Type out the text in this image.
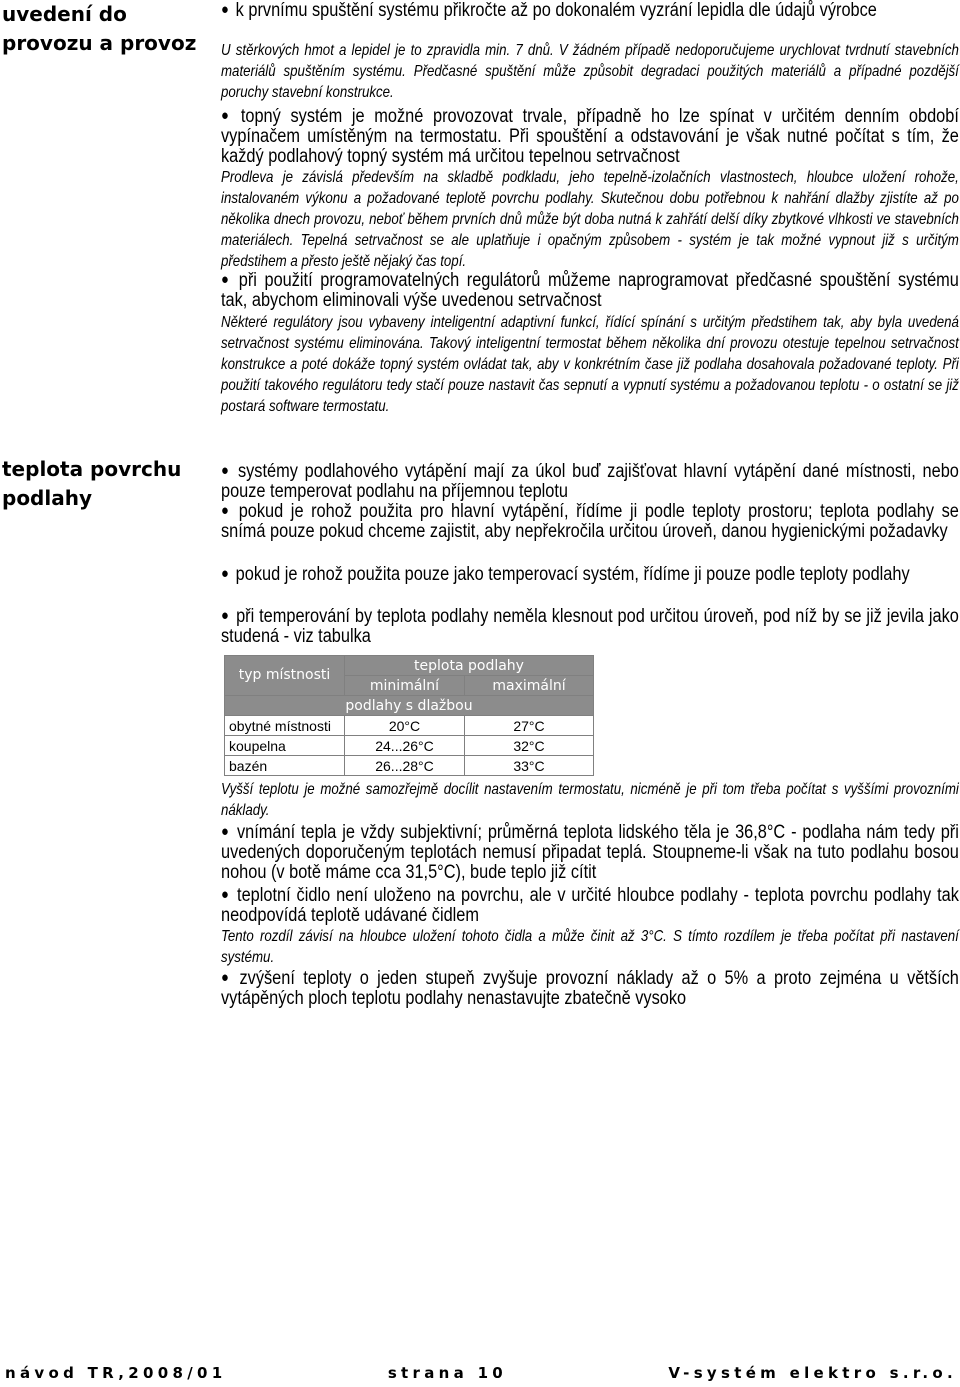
uvedení do provozu a provoz

● k prvnímu spuštění systému přikročte až po dokonalém vyzrání lepidla dle údajů výrobce

U stěrkových hmot a lepidel je to zpravidla min. 7 dnů. V žádném případě nedoporučujeme urychlovat tvrdnutí stavebních materiálů spuštěním systému. Předčasné spuštění může způsobit degradaci použitých materiálů a případné pozdější poruchy stavební konstrukce.

● topný systém je možné provozovat trvale, případně ho lze spínat v určitém denním období vypínačem umístěným na termostatu. Při spouštění a odstavování je však nutné počítat s tím, že každý podlahový topný systém má určitou tepelnou setrvačnost

Prodleva je závislá především na skladbě podkladu, jeho tepelně-izolačních vlastnostech, hloubce uložení rohože, instalovaném výkonu a požadované teplotě povrchu podlahy. Skutečnou dobu potřebnou k nahřání dlažby zjistíte až po několika dnech provozu, neboť během prvních dnů může být doba nutná k zahřátí delší díky zbytkové vlhkosti ve stavebních materiálech. Tepelná setrvačnost se ale uplatňuje i opačným způsobem - systém je tak možné vypnout již s určitým předstihem a přesto ještě nějaký čas topí.

● při použití programovatelných regulátorů můžeme naprogramovat předčasné spouštění systému tak, abychom eliminovali výše uvedenou setrvačnost

Některé regulátory jsou vybaveny inteligentní adaptivní funkcí, řídící spínání s určitým předstihem tak, aby byla uvedená setrvačnost systému eliminována. Takový inteligentní termostat během několika dní provozu otestuje tepelnou setrvačnost konstrukce a poté dokáže topný systém ovládat tak, aby v konkrétním čase již podlaha dosahovala požadované teploty. Při použití takového regulátoru tedy stačí pouze nastavit čas sepnutí a vypnutí systému a požadovanou teplotu - o ostatní se již postará software termostatu.

teplota povrchu podlahy

● systémy podlahového vytápění mají za úkol buď zajišťovat hlavní vytápění dané místnosti, nebo pouze temperovat podlahu na příjemnou teplotu

● pokud je rohož použita pro hlavní vytápění, řídíme ji podle teploty prostoru; teplota podlahy se snímá pouze pokud chceme zajistit, aby nepřekročila určitou úroveň, danou hygienickými požadavky

● pokud je rohož použita pouze jako temperovací systém, řídíme ji pouze podle teploty podlahy

● při temperování by teplota podlahy neměla klesnout pod určitou úroveň, pod níž by se již jevila jako studená - viz tabulka

typ místnosti	teplota podlahy	
	minimální	maximální
podlahy s dlažbou		
obytné místnosti	20°C	27°C
koupelna	24...26°C	32°C
bazén	26...28°C	33°C

Vyšší teplotu je možné samozřejmě docílit nastavením termostatu, nicméně je při tom třeba počítat s vyššími provozními náklady.

● vnímání tepla je vždy subjektivní; průměrná teplota lidského těla je 36,8°C - podlaha nám tedy při uvedených doporučeným teplotách nemusí připadat teplá. Stoupneme-li však na tuto podlahu bosou nohou (v botě máme cca 31,5°C), bude teplo již cítit

● teplotní čidlo není uloženo na povrchu, ale v určité hloubce podlahy - teplota povrchu podlahy tak neodpovídá teplotě udávané čidlem

Tento rozdíl závisí na hloubce uložení tohoto čidla a může činit až 3°C. S tímto rozdílem je třeba počítat při nastavení systému.

● zvýšení teploty o jeden stupeň zvyšuje provozní náklady až o 5% a proto zejména u větších vytápěných ploch teplotu podlahy nenastavujte zbatečně vysoko

návod TR,2008/01	strana 10	V-systém elektro s.r.o.
